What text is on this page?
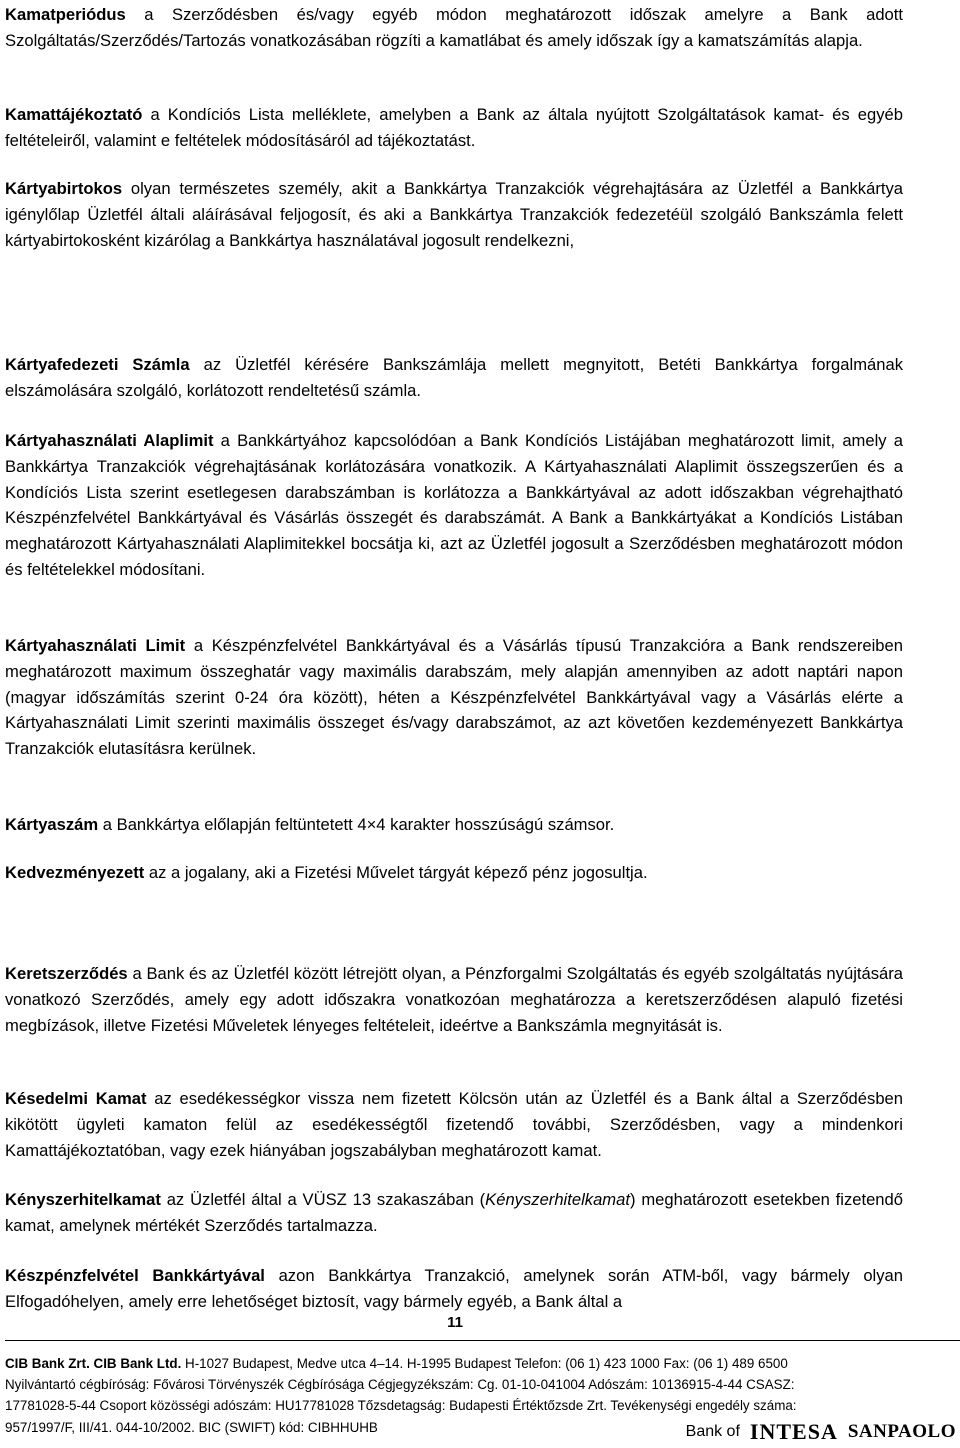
Kamatperiódus a Szerződésben és/vagy egyéb módon meghatározott időszak amelyre a Bank adott Szolgáltatás/Szerződés/Tartozás vonatkozásában rögzíti a kamatlábat és amely időszak így a kamatszámítás alapja.

Kamattájékoztató a Kondíciós Lista melléklete, amelyben a Bank az általa nyújtott Szolgáltatások kamat- és egyéb feltételeiről, valamint e feltételek módosításáról ad tájékoztatást.

Kártyabirtokos olyan természetes személy, akit a Bankkártya Tranzakciók végrehajtására az Üzletfél a Bankkártya igénylőlap Üzletfél általi aláírásával feljogosít, és aki a Bankkártya Tranzakciók fedezetéül szolgáló Bankszámla felett kártyabirtokosként kizárólag a Bankkártya használatával jogosult rendelkezni,

Kártyafedezeti Számla az Üzletfél kérésére Bankszámlája mellett megnyitott, Betéti Bankkártya forgalmának elszámolására szolgáló, korlátozott rendeltetésű számla.

Kártyahasználati Alaplimit a Bankkártyához kapcsolódóan a Bank Kondíciós Listájában meghatározott limit, amely a Bankkártya Tranzakciók végrehajtásának korlátozására vonatkozik. A Kártyahasználati Alaplimit összegszerűen és a Kondíciós Lista szerint esetlegesen darabszámban is korlátozza a Bankkártyával az adott időszakban végrehajtható Készpénzfelvétel Bankkártyával és Vásárlás összegét és darabszámát. A Bank a Bankkártyákat a Kondíciós Listában meghatározott Kártyahasználati Alaplimitekkel bocsátja ki, azt az Üzletfél jogosult a Szerződésben meghatározott módon és feltételekkel módosítani.

Kártyahasználati Limit a Készpénzfelvétel Bankkártyával és a Vásárlás típusú Tranzakcióra a Bank rendszereiben meghatározott maximum összeghatár vagy maximális darabszám, mely alapján amennyiben az adott naptári napon (magyar időszámítás szerint 0-24 óra között), héten a Készpénzfelvétel Bankkártyával vagy a Vásárlás elérte a Kártyahasználati Limit szerinti maximális összeget és/vagy darabszámot, az azt követően kezdeményezett Bankkártya Tranzakciók elutasításra kerülnek.

Kártyaszám a Bankkártya előlapján feltüntetett 4×4 karakter hosszúságú számsor.

Kedvezményezett az a jogalany, aki a Fizetési Művelet tárgyát képező pénz jogosultja.

Keretszerződés a Bank és az Üzletfél között létrejött olyan, a Pénzforgalmi Szolgáltatás és egyéb szolgáltatás nyújtására vonatkozó Szerződés, amely egy adott időszakra vonatkozóan meghatározza a keretszerződésen alapuló fizetési megbízások, illetve Fizetési Műveletek lényeges feltételeit, ideértve a Bankszámla megnyitását is.

Késedelmi Kamat az esedékességkor vissza nem fizetett Kölcsön után az Üzletfél és a Bank által a Szerződésben kikötött ügyleti kamaton felül az esedékességtől fizetendő további, Szerződésben, vagy a mindenkori Kamattájékoztatóban, vagy ezek hiányában jogszabályban meghatározott kamat.

Kényszerhitelkamat az Üzletfél által a VÜSZ 13 szakaszában (Kényszerhitelkamat) meghatározott esetekben fizetendő kamat, amelynek mértékét Szerződés tartalmazza.

Készpénzfelvétel Bankkártyával azon Bankkártya Tranzakció, amelynek során ATM-ből, vagy bármely olyan Elfogadóhelyen, amely erre lehetőséget biztosít, vagy bármely egyéb, a Bank által a

11
CIB Bank Zrt. CIB Bank Ltd. H-1027 Budapest, Medve utca 4–14. H-1995 Budapest Telefon: (06 1) 423 1000 Fax: (06 1) 489 6500
Nyilvántartó cégbíróság: Fővárosi Törvényszék Cégbírósága Cégjegyzékszám: Cg. 01-10-041004 Adószám: 10136915-4-44 CSASZ:
17781028-5-44 Csoport közösségi adószám: HU17781028 Tőzsdetagság: Budapesti Értéktőzsde Zrt. Tevékenységi engedély száma:
957/1997/F, III/41. 044-10/2002. BIC (SWIFT) kód: CIBHHUHB	Bank of INTESA SANPAOLO
